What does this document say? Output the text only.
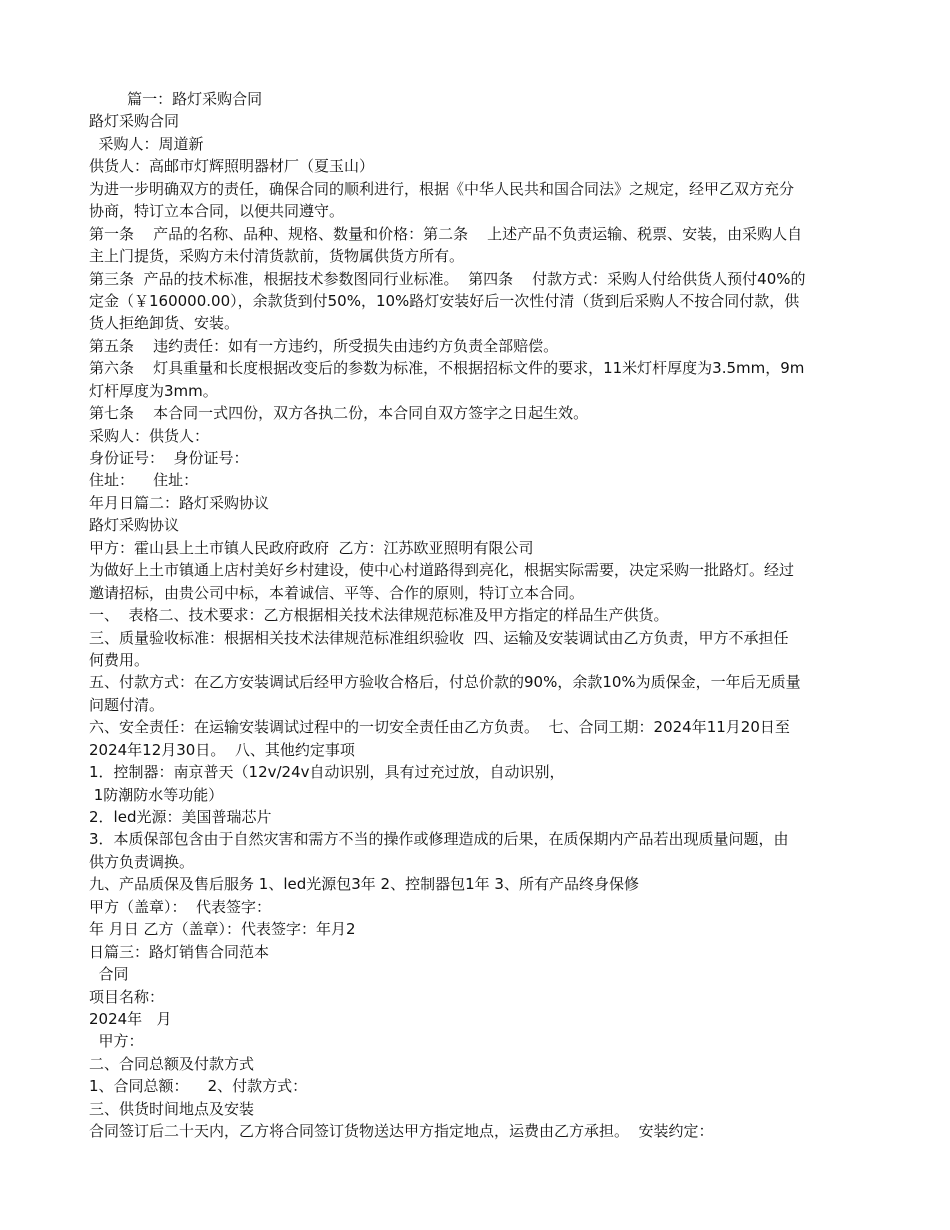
篇一：路灯采购合同
路灯采购合同
采购人：周道新
供货人：高邮市灯辉照明器材厂（夏玉山）
为进一步明确双方的责任，确保合同的顺利进行，根据《中华人民共和国合同法》之规定，经甲乙双方充分
协商，特订立本合同，以便共同遵守。
第一条    产品的名称、品种、规格、数量和价格：第二条    上述产品不负责运输、税票、安装，由采购人自
主上门提货，采购方未付清货款前，货物属供货方所有。
第三条  产品的技术标准，根据技术参数图同行业标准。  第四条    付款方式：采购人付给供货人预付40%的
定金（￥160000.00），余款货到付50%，10%路灯安装好后一次性付清（货到后采购人不按合同付款，供
货人拒绝卸货、安装。
第五条    违约责任：如有一方违约，所受损失由违约方负责全部赔偿。
第六条    灯具重量和长度根据改变后的参数为标准，不根据招标文件的要求，11米灯杆厚度为3.5mm，9m
灯杆厚度为3mm。
第七条    本合同一式四份，双方各执二份，本合同自双方签字之日起生效。
采购人：供货人：
身份证号：  身份证号：
住址：    住址：
年月日篇二：路灯采购协议
路灯采购协议
甲方：霍山县上土市镇人民政府政府  乙方：江苏欧亚照明有限公司
为做好上土市镇通上店村美好乡村建设，使中心村道路得到亮化，根据实际需要，决定采购一批路灯。经过
邀请招标，由贵公司中标，本着诚信、平等、合作的原则，特订立本合同。
一、  表格二、技术要求：乙方根据相关技术法律规范标准及甲方指定的样品生产供货。
三、质量验收标准：根据相关技术法律规范标准组织验收  四、运输及安装调试由乙方负责，甲方不承担任
何费用。
五、付款方式：在乙方安装调试后经甲方验收合格后，付总价款的90%，余款10%为质保金，一年后无质量
问题付清。
六、安全责任：在运输安装调试过程中的一切安全责任由乙方负责。  七、合同工期：2024年11月20日至
2024年12月30日。  八、其他约定事项
1．控制器：南京普天（12v/24v自动识别，具有过充过放，自动识别，
1防潮防水等功能）
2．led光源：美国普瑞芯片
3．本质保部包含由于自然灾害和需方不当的操作或修理造成的后果，在质保期内产品若出现质量问题，由
供方负责调换。
九、产品质保及售后服务 1、led光源包3年 2、控制器包1年 3、所有产品终身保修
甲方（盖章）：  代表签字：
年 月日 乙方（盖章）：代表签字：年月2
日篇三：路灯销售合同范本
合同
项目名称：
2024年   月
甲方：
二、合同总额及付款方式
1、合同总额：    2、付款方式：
三、供货时间地点及安装
合同签订后二十天内，乙方将合同签订货物送达甲方指定地点，运费由乙方承担。  安装约定：
